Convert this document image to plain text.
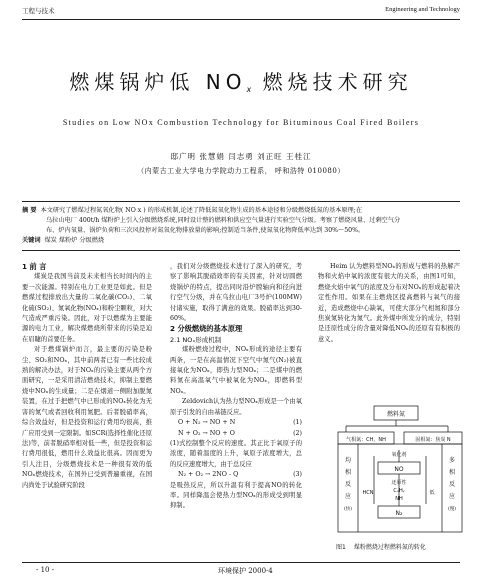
工程与技术	Engineering and Technology
燃煤锅炉低 NOx 燃烧技术研究
Studies on Low NOx Combustion Technology for Bituminous Coal Fired Boilers
邸广明 张慧娟 闫志勇 刘正旺 王桂江
（内蒙古工业大学电力学院动力工程系， 呼和浩特 010080）
摘 要 本文研究了燃煤过程氮氧化物( NO x ) 的形成机制,论述了降低氮氧化物生成的基本途径和分级燃烧低氮的基本原理;在
乌拉山电厂 400t/h 煤粉炉上引入分级燃烧系统,同时设计整的燃料和供应空气量进行实验空气分级。考察了燃烧风量、过剩空气分
布、炉内氧量、锅炉负荷和三次风投停对氮氧化物排放量的影响;控制适当条件,使氮氧化物降低率达到 30%～50%。
关键词 煤炭 煤粉炉 分级燃烧

1 前 言

煤炭是我国当前及未来相当长时间内的主要一次能源。特别在电力工业更是如此。但是燃煤过程排放出大量的二氧化碳(CO₂)、二氧化硫(SO₂)、氮氧化物(NOₓ)和粉尘颗粒，对大气造成严重污染。因此，对于以燃煤为主要能源的电力工业，解决煤燃烧所带来的污染是迫在眉睫的首要任务。

对于燃煤锅炉而言，最主要的污染是粉尘、SO₂和NOₓ，其中前两者已有一些比较成熟的解决办法，对于NOₓ的污染主要从两个方面研究，一是采用清洁燃烧技术，抑制主要燃烧中NOₓ的生成量；二是在烟道一侧附加脱氮装置，在过于把燃气中已形成的NOₓ转化为无害的氮气或者回收利用氮肥。后者脱硝率高，综合效益好，但是投资和运行费用均很高，推广应用受到一定限制。如SCR(选择性催化还原法)等，前者脱硝率相对低一些，但是投资和运行费用很低，燃用什么效益比很高。因而更为引人注目，分级燃烧技术是一种很有效的低NOₓ燃烧技术，在国外已受到普遍重视，在国内尚处于试验研究阶段

，我们对分级燃烧技术进行了深入的研究，考察了影响其脱硝效率的有关因素，针对切圆燃烧锅炉的特点，提出同时沿炉膛轴向和径向进行空气分级，并在乌拉山电厂3号炉(100MW)付诸实施，取得了满意的效果。脱硝率达到30-60%。

2 分级燃烧的基本原理

2.1 NOₓ形成机制

煤粉燃烧过程中，NOₓ形成的途径主要有两条，一是在高温情况下空气中氮气(N₂)被直接氧化为NOₓ，即热力型NOₓ；二是煤中的燃料氮在高温氧气中被氧化为NOₓ，即燃料型NOₓ。

Zeldovich认为热力型NOₓ形成是一个由氧原子引发的自由基链反应。

O + N₂ → NO + N	(1)

N + O₂ → NO + O	(2)

(1)式控制整个反应的速度。其正比于氧原子的浓度，随着温度的上升，氧原子浓度增大，总的反应速度增大，由于总反应

N₂ + O₂ → 2NO - Q	(3)

是吸热反应，所以升温有利于提高NO的转化率。同样降温会使热力型NOₓ的形成受到明显抑制。

Heim 认为燃料型NOₓ的形成与燃料的热解产物和火焰中氧的浓度有很大的关系，由图1可知，燃烧火焰中氧气的浓度及分布对NOₓ的形成起着决定性作用。如果在主燃烧区提高燃料与氧气的接近，造成燃烧中心缺氧，可使大部分气相氮和部分焦炭氮转化为氮气。此外煤中所发分的成分，特别是还原性成分的含量对降低NOₓ的还原有有积极的意义。

燃料氮
气相氮：CH，NH	固相氮：焦炭 N
均
相
反
应
(快)
多
相
反
应
(慢)
氧化剂
NO
还原性
CₓHᵧ
NH
HCN
N₂
低
图1 煤粉燃烧过程燃料氮的转化
- 10 -	环境保护 2000·4
